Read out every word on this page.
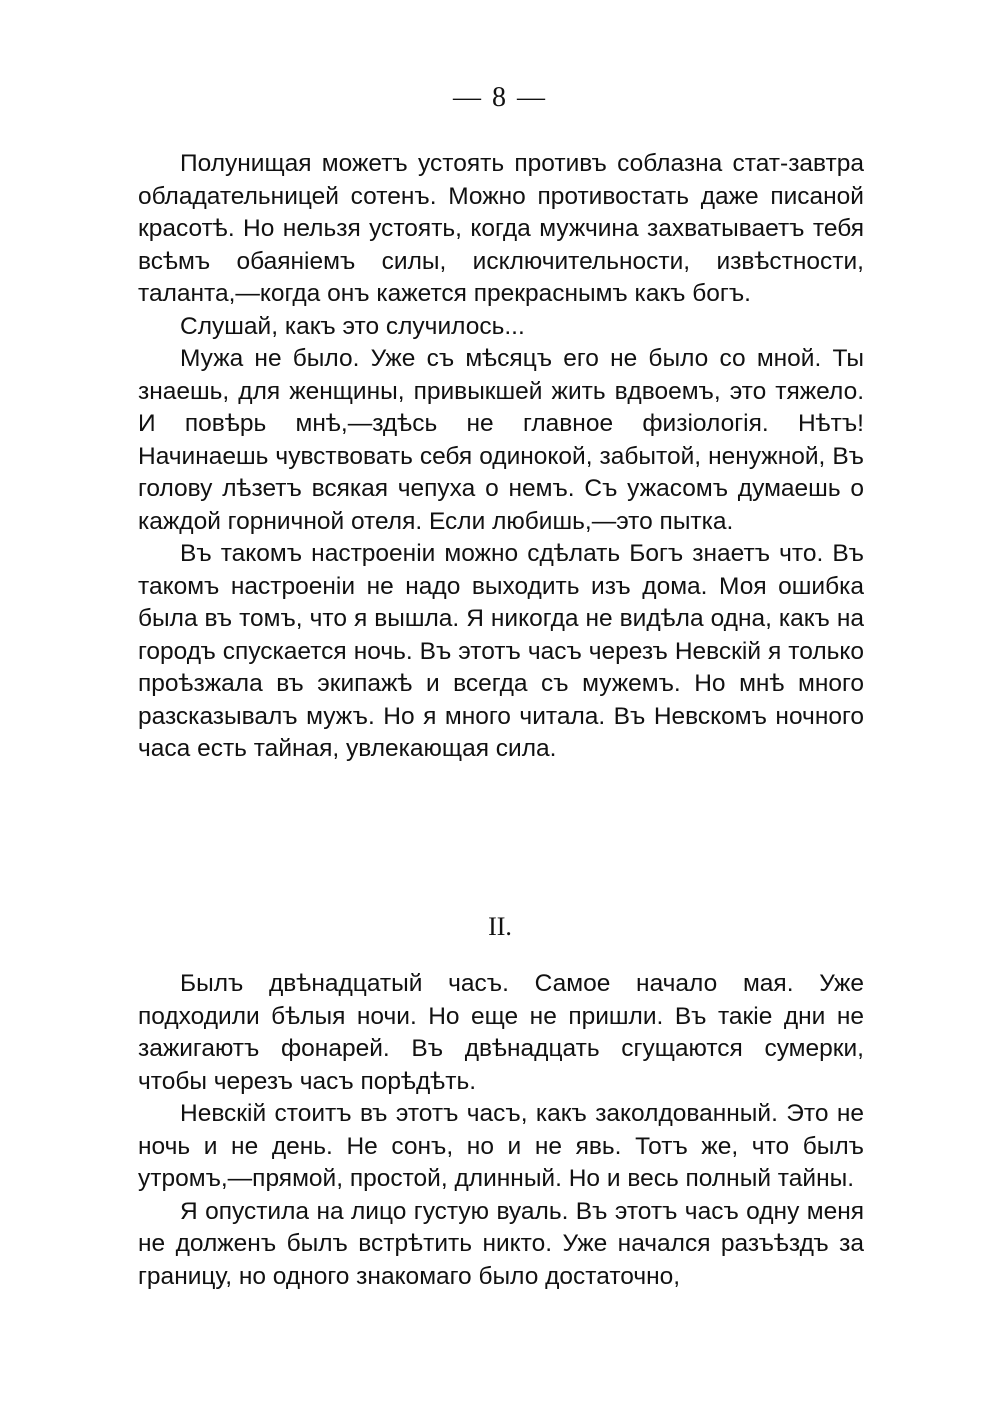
— 8 —

Полунищая можетъ устоять противъ соблазна стат-завтра обладательницей сотенъ. Можно противостать даже писаной красотѣ. Но нельзя устоять, когда мужчина захватываетъ тебя всѣмъ обаяніемъ силы, исключительности, извѣстности, таланта,—когда онъ кажется прекраснымъ какъ богъ.

Слушай, какъ это случилось...

Мужа не было. Уже съ мѣсяцъ его не было со мной. Ты знаешь, для женщины, привыкшей жить вдвоемъ, это тяжело. И повѣрь мнѣ,—здѣсь не главное физіологія. Нѣтъ! Начинаешь чувствовать себя одинокой, забытой, ненужной, Въ голову лѣзетъ всякая чепуха о немъ. Съ ужасомъ думаешь о каждой горничной отеля. Если любишь,—это пытка.

Въ такомъ настроеніи можно сдѣлать Богъ знаетъ что. Въ такомъ настроеніи не надо выходить изъ дома. Моя ошибка была въ томъ, что я вышла. Я никогда не видѣла одна, какъ на городъ спускается ночь. Въ этотъ часъ черезъ Невскій я только проѣзжала въ экипажѣ и всегда съ мужемъ. Но мнѣ много разсказывалъ мужъ. Но я много читала. Въ Невскомъ ночного часа есть тайная, увлекающая сила.

II.

Былъ двѣнадцатый часъ. Самое начало мая. Уже подходили бѣлыя ночи. Но еще не пришли. Въ такіе дни не зажигаютъ фонарей. Въ двѣнадцать сгущаются сумерки, чтобы черезъ часъ порѣдѣть.

Невскій стоитъ въ этотъ часъ, какъ заколдованный. Это не ночь и не день. Не сонъ, но и не явь. Тотъ же, что былъ утромъ,—прямой, простой, длинный. Но и весь полный тайны.

Я опустила на лицо густую вуаль. Въ этотъ часъ одну меня не долженъ былъ встрѣтить никто. Уже начался разъѣздъ за границу, но одного знакомаго было достаточно,
